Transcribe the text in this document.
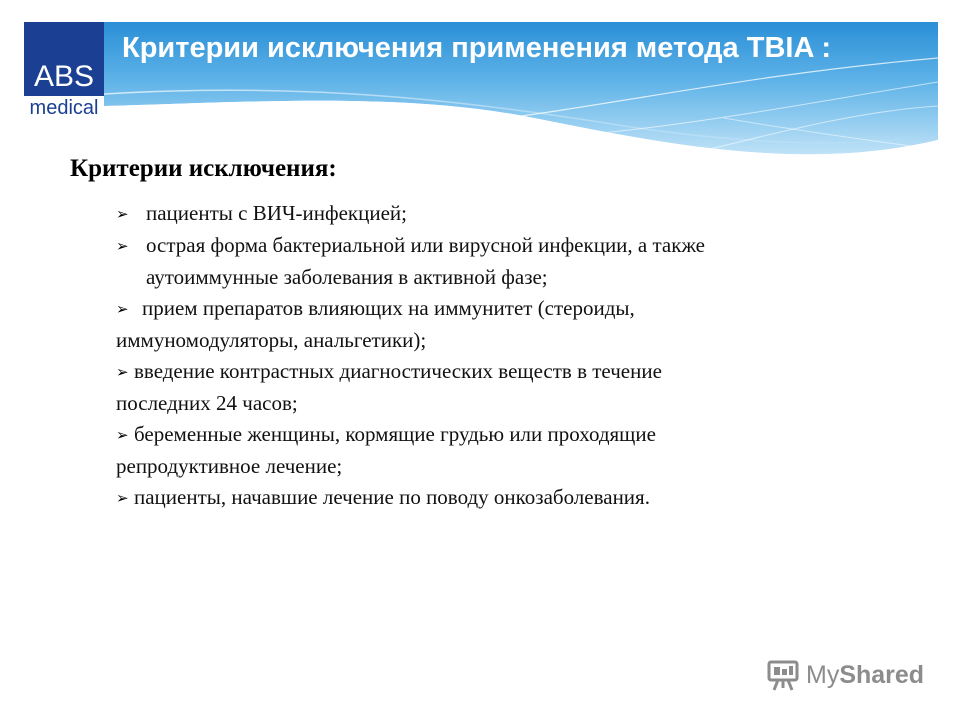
Критерии исключения применения метода TBIA :
ABS
medical
Критерии исключения:
➢ пациенты с ВИЧ-инфекцией;
➢ острая форма бактериальной или вирусной инфекции, а также
аутоиммунные заболевания в активной фазе;
➢ прием препаратов влияющих на иммунитет (стероиды,
иммуномодуляторы, анальгетики);
➢ введение контрастных диагностических веществ в течение
последних 24 часов;
➢ беременные женщины, кормящие грудью или проходящие
репродуктивное лечение;
➢ пациенты, начавшие лечение по поводу онкозаболевания.
MyShared
